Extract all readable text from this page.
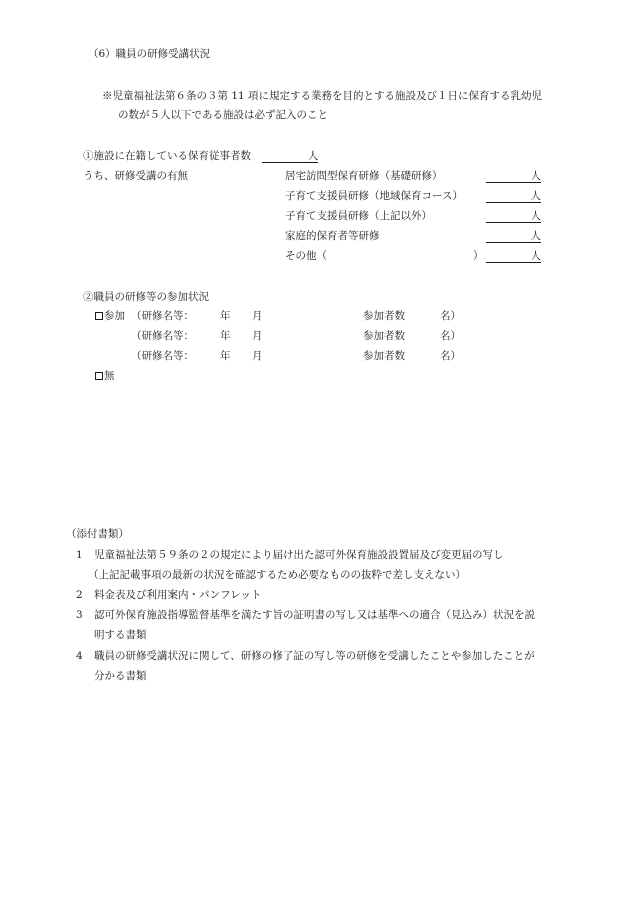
（6）職員の研修受講状況
※児童福祉法第６条の３第 11 項に規定する業務を目的とする施設及び１日に保育する乳幼児
の数が５人以下である施設は必ず記入のこと
①施設に在籍している保育従事者数	人
うち、研修受講の有無	居宅訪問型保育研修（基礎研修）	人
子育て支援員研修（地域保育コース）	人
子育て支援員研修（上記以外）	人
家庭的保育者等研修	人
その他（	）	人
②職員の研修等の参加状況
参加 （研修名等： 年 月	参加者数	名）
（研修名等： 年 月	参加者数	名）
（研修名等： 年 月	参加者数	名）
無
（添付書類）
1 児童福祉法第５９条の２の規定により届け出た認可外保育施設設置届及び変更届の写し
（上記記載事項の最新の状況を確認するため必要なものの抜粋で差し支えない）
2 料金表及び利用案内・パンフレット
3 認可外保育施設指導監督基準を満たす旨の証明書の写し又は基準への適合（見込み）状況を説
明する書類
4 職員の研修受講状況に関して、研修の修了証の写し等の研修を受講したことや参加したことが
分かる書類
